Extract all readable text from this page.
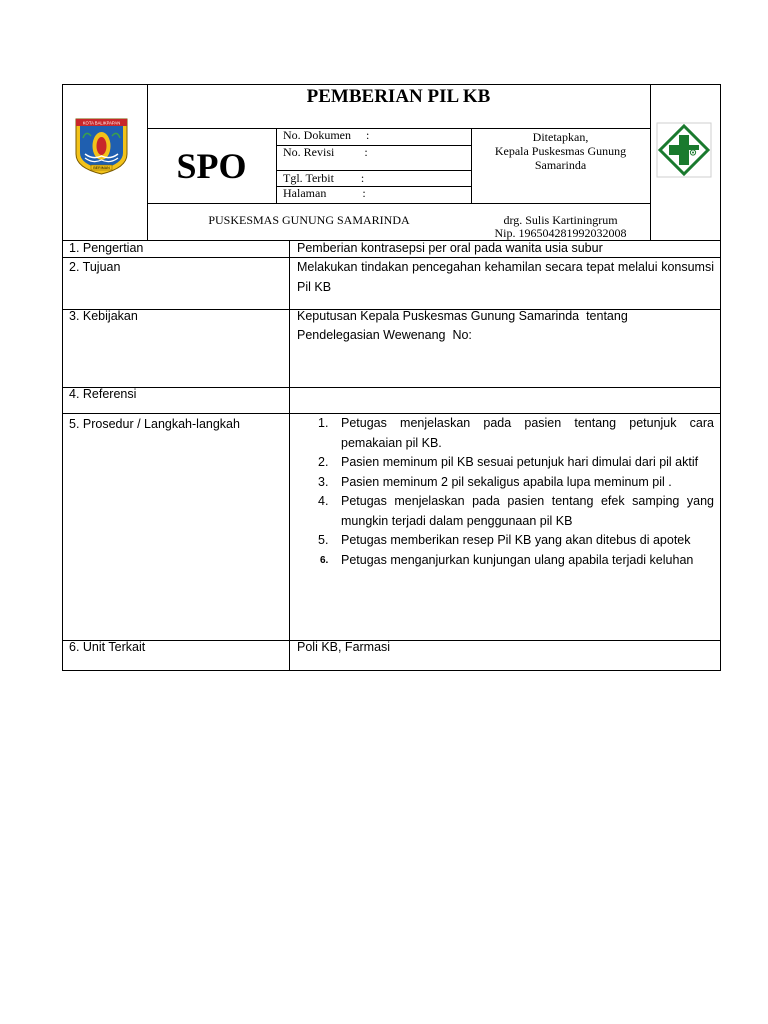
KOTA BALIKPAPAN
BERIMAN
PEMBERIAN PIL KB
SPO
No. Dokumen     :
No. Revisi          :
Tgl. Terbit         :
Halaman            :
Ditetapkan,
Kepala Puskesmas Gunung
Samarinda
PUSKESMAS GUNUNG SAMARINDA	drg. Sulis Kartiningrum
Nip. 196504281992032008
1. Pengertian	Pemberian kontrasepsi per oral pada wanita usia subur
2. Tujuan	Melakukan tindakan pencegahan kehamilan secara tepat melalui konsumsi Pil KB
3. Kebijakan	Keputusan Kepala Puskesmas Gunung Samarinda  tentang
Pendelegasian Wewenang  No:
4. Referensi
5. Prosedur / Langkah-langkah	1. Petugas menjelaskan pada pasien tentang petunjuk cara pemakaian pil KB.
2. Pasien meminum pil KB sesuai petunjuk hari dimulai dari pil aktif
3. Pasien meminum 2 pil sekaligus apabila lupa meminum pil .
4. Petugas menjelaskan pada pasien tentang efek samping yang mungkin terjadi dalam penggunaan pil KB
5. Petugas memberikan resep Pil KB yang akan ditebus di apotek
6. Petugas menganjurkan kunjungan ulang apabila terjadi keluhan
6. Unit Terkait	Poli KB, Farmasi
